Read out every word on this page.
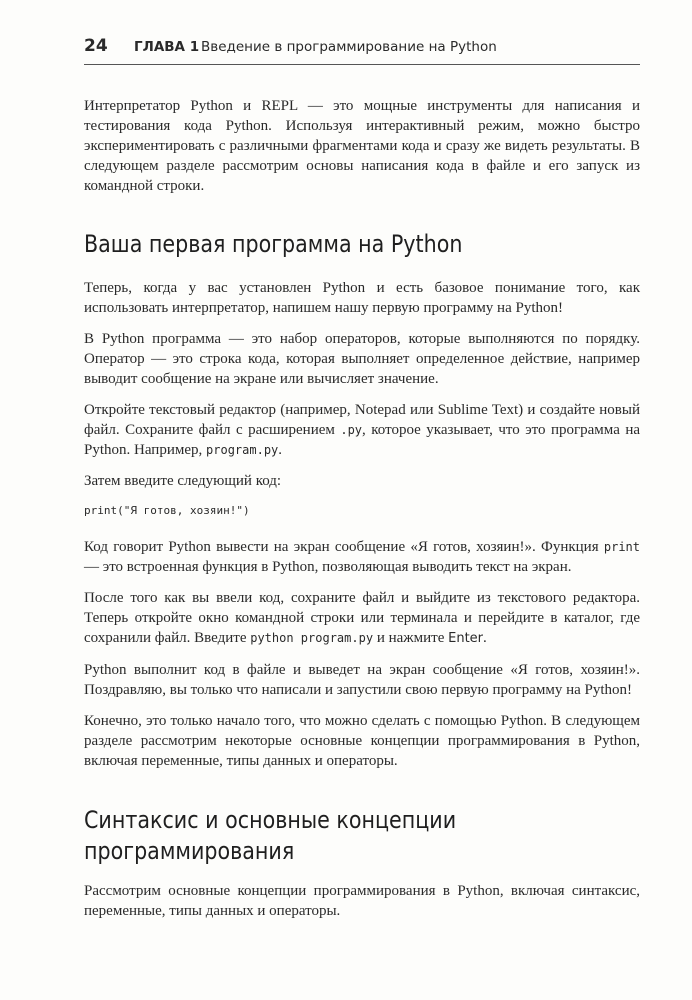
24 ГЛАВА 1 Введение в программирование на Python

Интерпретатор Python и REPL — это мощные инструменты для написания и тестирования кода Python. Используя интерактивный режим, можно быстро экспериментировать с различными фрагментами кода и сразу же видеть результаты. В следующем разделе рассмотрим основы написания кода в файле и его запуск из командной строки.

Ваша первая программа на Python

Теперь, когда у вас установлен Python и есть базовое понимание того, как использовать интерпретатор, напишем нашу первую программу на Python!

В Python программа — это набор операторов, которые выполняются по порядку. Оператор — это строка кода, которая выполняет определенное действие, например выводит сообщение на экране или вычисляет значение.

Откройте текстовый редактор (например, Notepad или Sublime Text) и создайте новый файл. Сохраните файл с расширением .py, которое указывает, что это программа на Python. Например, program.py.

Затем введите следующий код:

print("Я готов, хозяин!")

Код говорит Python вывести на экран сообщение «Я готов, хозяин!». Функция print — это встроенная функция в Python, позволяющая выводить текст на экран.

После того как вы ввели код, сохраните файл и выйдите из текстового редактора. Теперь откройте окно командной строки или терминала и перейдите в каталог, где сохранили файл. Введите python program.py и нажмите Enter.

Python выполнит код в файле и выведет на экран сообщение «Я готов, хозяин!». Поздравляю, вы только что написали и запустили свою первую программу на Python!

Конечно, это только начало того, что можно сделать с помощью Python. В следующем разделе рассмотрим некоторые основные концепции программирования в Python, включая переменные, типы данных и операторы.

Синтаксис и основные концепции программирования

Рассмотрим основные концепции программирования в Python, включая синтаксис, переменные, типы данных и операторы.
